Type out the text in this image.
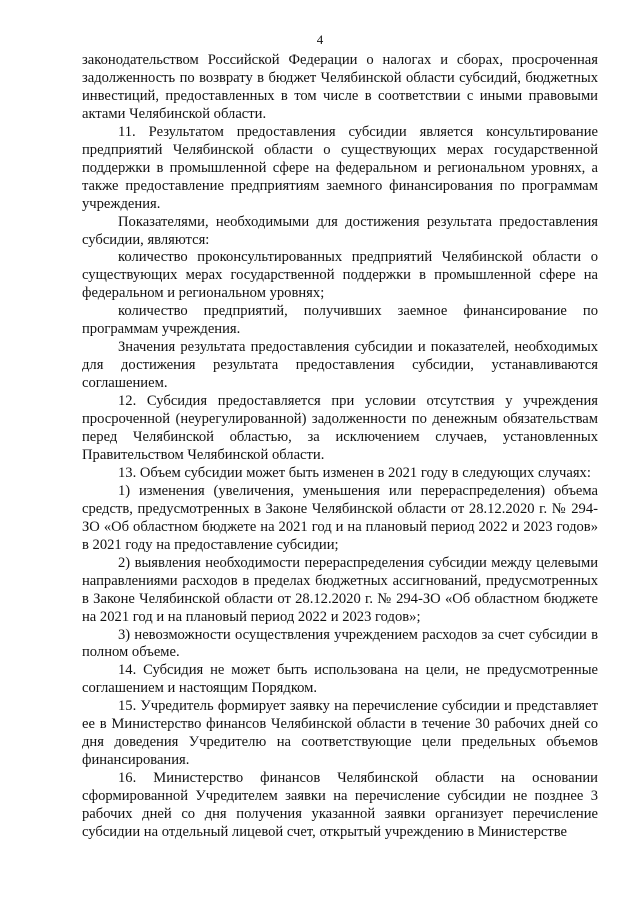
4

законодательством Российской Федерации о налогах и сборах, просроченная задолженность по возврату в бюджет Челябинской области субсидий, бюджетных инвестиций, предоставленных в том числе в соответствии с иными правовыми актами Челябинской области.

11. Результатом предоставления субсидии является консультирование предприятий Челябинской области о существующих мерах государственной поддержки в промышленной сфере на федеральном и региональном уровнях, а также предоставление предприятиям заемного финансирования по программам учреждения.

Показателями, необходимыми для достижения результата предоставления субсидии, являются:

количество проконсультированных предприятий Челябинской области о существующих мерах государственной поддержки в промышленной сфере на федеральном и региональном уровнях;

количество предприятий, получивших заемное финансирование по программам учреждения.

Значения результата предоставления субсидии и показателей, необходимых для достижения результата предоставления субсидии, устанавливаются соглашением.

12. Субсидия предоставляется при условии отсутствия у учреждения просроченной (неурегулированной) задолженности по денежным обязательствам перед Челябинской областью, за исключением случаев, установленных Правительством Челябинской области.

13. Объем субсидии может быть изменен в 2021 году в следующих случаях:

1) изменения (увеличения, уменьшения или перераспределения) объема средств, предусмотренных в Законе Челябинской области от 28.12.2020 г. № 294-ЗО «Об областном бюджете на 2021 год и на плановый период 2022 и 2023 годов» в 2021 году на предоставление субсидии;

2) выявления необходимости перераспределения субсидии между целевыми направлениями расходов в пределах бюджетных ассигнований, предусмотренных в Законе Челябинской области от 28.12.2020 г. № 294-ЗО «Об областном бюджете на 2021 год и на плановый период 2022 и 2023 годов»;

3) невозможности осуществления учреждением расходов за счет субсидии в полном объеме.

14. Субсидия не может быть использована на цели, не предусмотренные соглашением и настоящим Порядком.

15. Учредитель формирует заявку на перечисление субсидии и представляет ее в Министерство финансов Челябинской области в течение 30 рабочих дней со дня доведения Учредителю на соответствующие цели предельных объемов финансирования.

16. Министерство финансов Челябинской области на основании сформированной Учредителем заявки на перечисление субсидии не позднее 3 рабочих дней со дня получения указанной заявки организует перечисление субсидии на отдельный лицевой счет, открытый учреждению в Министерстве
